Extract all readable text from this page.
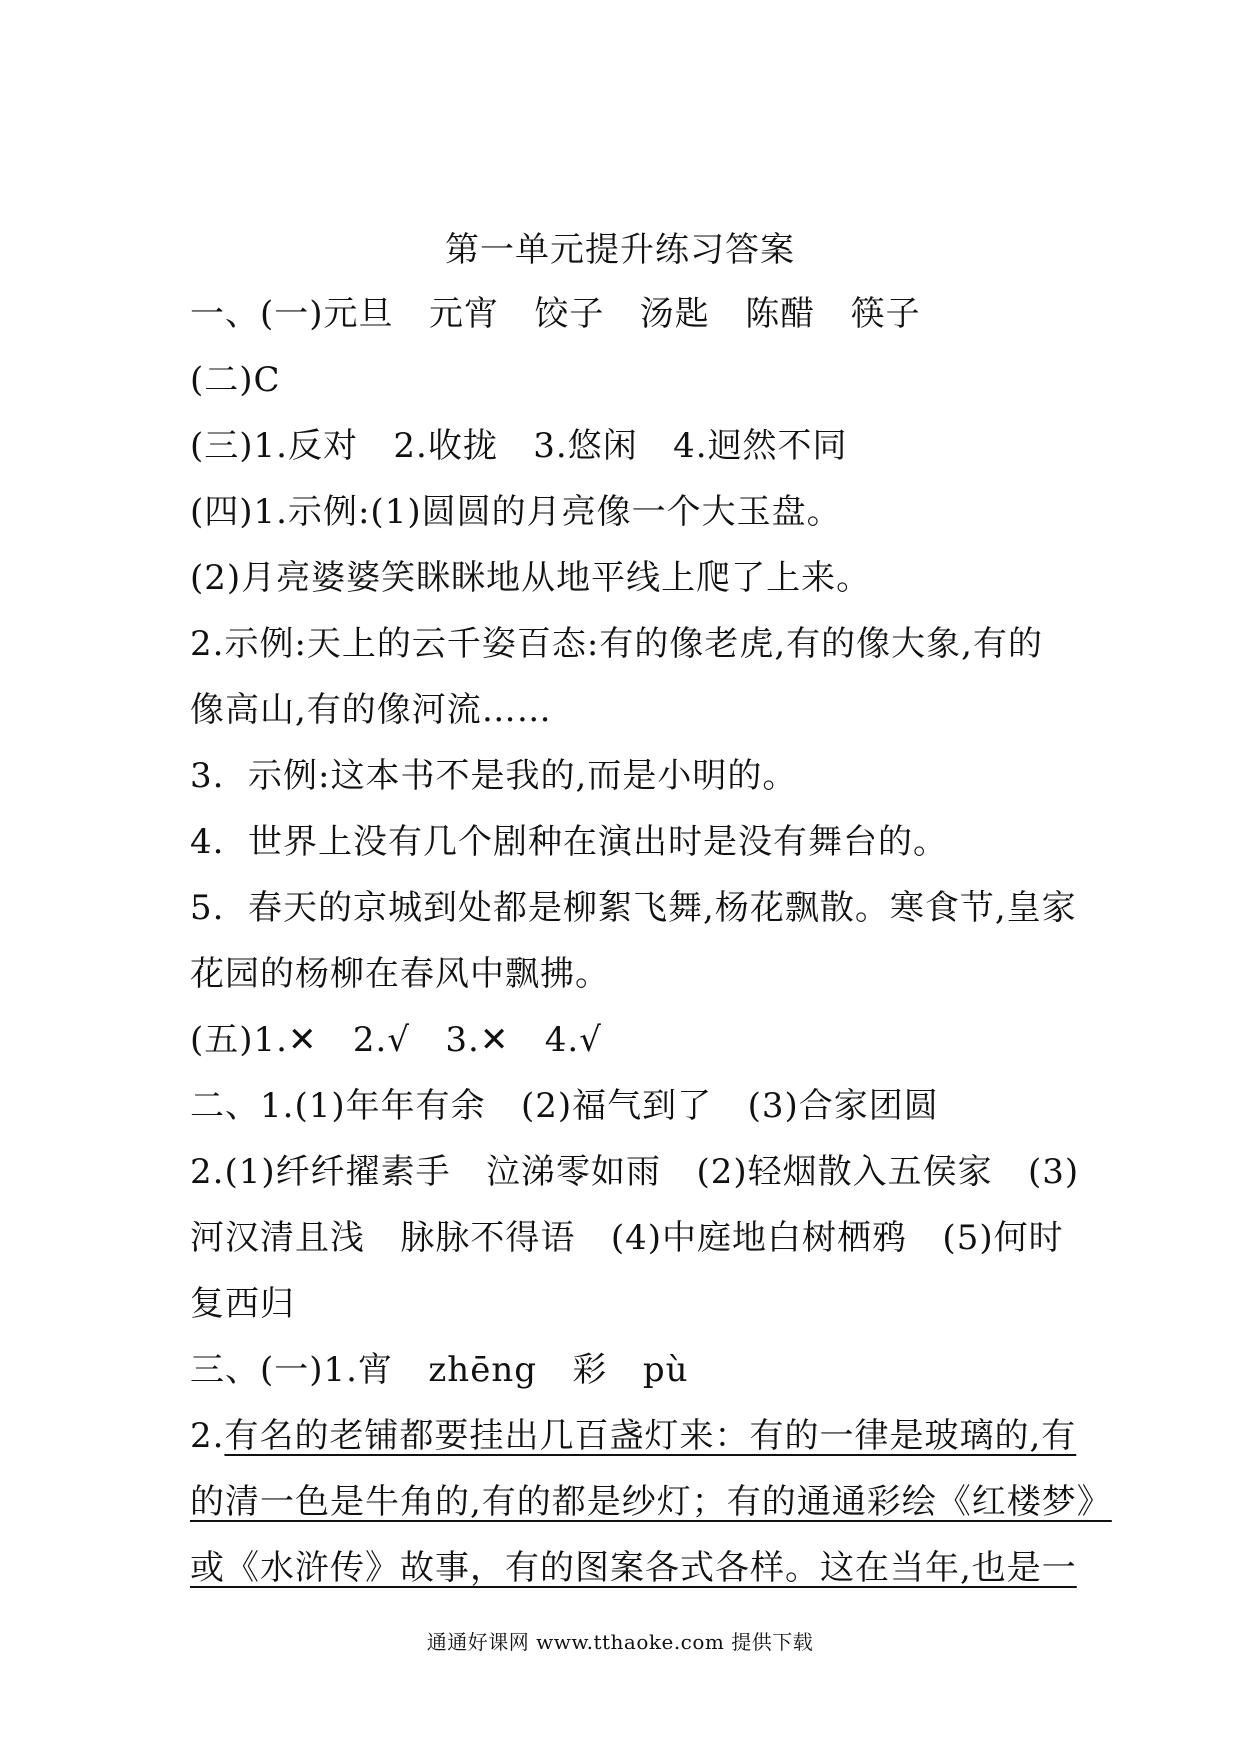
第一单元提升练习答案
一、(一)元旦   元宵   饺子   汤匙   陈醋   筷子
(二)C
(三)1.反对   2.收拢   3.悠闲   4.迥然不同
(四)1.示例:(1)圆圆的月亮像一个大玉盘。
(2)月亮婆婆笑眯眯地从地平线上爬了上来。
2.示例:天上的云千姿百态:有的像老虎,有的像大象,有的
像高山,有的像河流……
3.  示例:这本书不是我的,而是小明的。
4.  世界上没有几个剧种在演出时是没有舞台的。
5.  春天的京城到处都是柳絮飞舞,杨花飘散。寒食节,皇家
花园的杨柳在春风中飘拂。
(五)1.✕   2.√   3.✕   4.√
二、1.(1)年年有余   (2)福气到了   (3)合家团圆
2.(1)纤纤擢素手   泣涕零如雨   (2)轻烟散入五侯家   (3)
河汉清且浅   脉脉不得语   (4)中庭地白树栖鸦   (5)何时
复西归
三、(一)1.宵   zhēng   彩   pù
2.有名的老铺都要挂出几百盏灯来：有的一律是玻璃的,有
的清一色是牛角的,有的都是纱灯；有的通通彩绘《红楼梦》
或《水浒传》故事，有的图案各式各样。这在当年,也是一
通通好课网 www.tthaoke.com 提供下载
